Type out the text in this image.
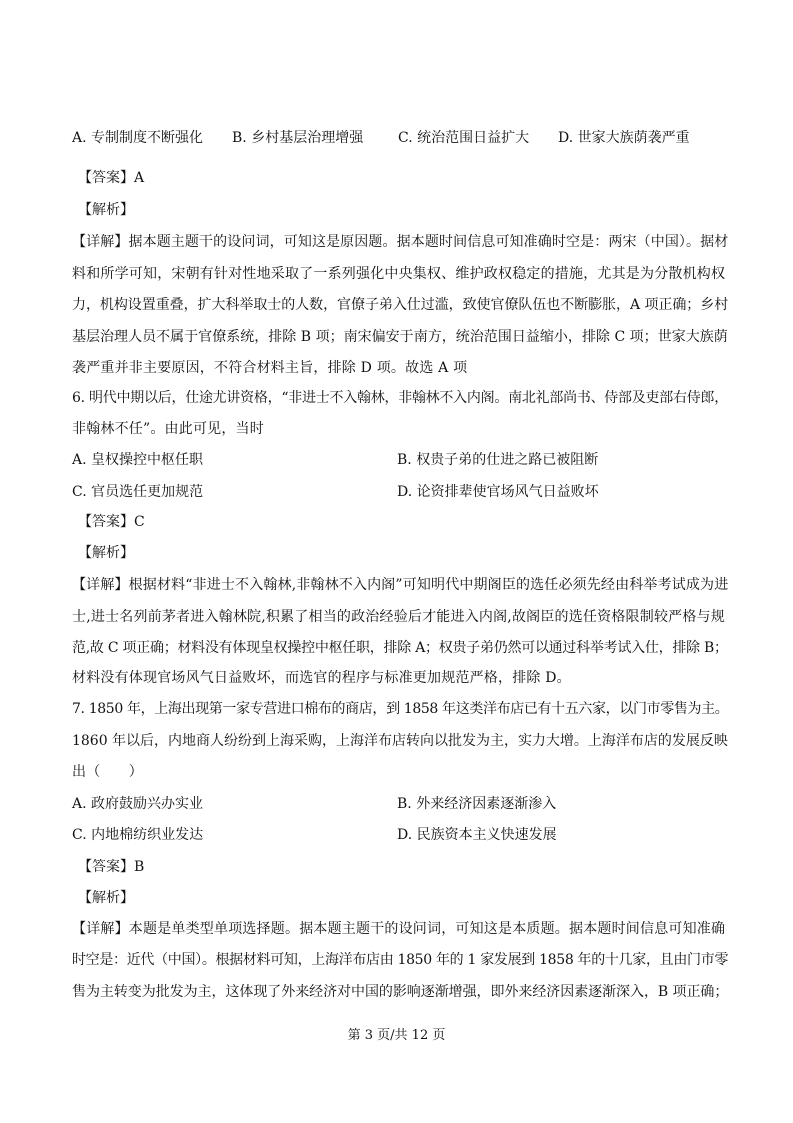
A. 专制制度不断强化 B. 乡村基层治理增强 C. 统治范围日益扩大 D. 世家大族荫袭严重
【答案】A
【解析】
【详解】据本题主题干的设问词，可知这是原因题。据本题时间信息可知准确时空是：两宋（中国）。据材
料和所学可知，宋朝有针对性地采取了一系列强化中央集权、维护政权稳定的措施，尤其是为分散机构权
力，机构设置重叠，扩大科举取士的人数，官僚子弟入仕过滥，致使官僚队伍也不断膨胀，A 项正确；乡村
基层治理人员不属于官僚系统，排除 B 项；南宋偏安于南方，统治范围日益缩小，排除 C 项；世家大族荫
袭严重并非主要原因，不符合材料主旨，排除 D 项。故选 A 项
6. 明代中期以后，仕途尤讲资格，“非进士不入翰林，非翰林不入内阁。南北礼部尚书、侍部及吏部右侍郎，
非翰林不任”。由此可见，当时
A. 皇权操控中枢任职	B. 权贵子弟的仕进之路已被阻断
C. 官员选任更加规范	D. 论资排辈使官场风气日益败坏
【答案】C
【解析】
【详解】根据材料“非进士不入翰林,非翰林不入内阁”可知明代中期阁臣的选任必须先经由科举考试成为进
士,进士名列前茅者进入翰林院,积累了相当的政治经验后才能进入内阁,故阁臣的选任资格限制较严格与规
范,故 C 项正确；材料没有体现皇权操控中枢任职，排除 A；权贵子弟仍然可以通过科举考试入仕，排除 B；
材料没有体现官场风气日益败坏，而选官的程序与标准更加规范严格，排除 D。
7. 1850 年，上海出现第一家专营进口棉布的商店，到 1858 年这类洋布店已有十五六家，以门市零售为主。
1860 年以后，内地商人纷纷到上海采购，上海洋布店转向以批发为主，实力大增。上海洋布店的发展反映
出（　　）
A. 政府鼓励兴办实业	B. 外来经济因素逐渐渗入
C. 内地棉纺织业发达	D. 民族资本主义快速发展
【答案】B
【解析】
【详解】本题是单类型单项选择题。据本题主题干的设问词，可知这是本质题。据本题时间信息可知准确
时空是：近代（中国）。根据材料可知，上海洋布店由 1850 年的 1 家发展到 1858 年的十几家，且由门市零
售为主转变为批发为主，这体现了外来经济对中国的影响逐渐增强，即外来经济因素逐渐深入，B 项正确；
第 3 页/共 12 页
